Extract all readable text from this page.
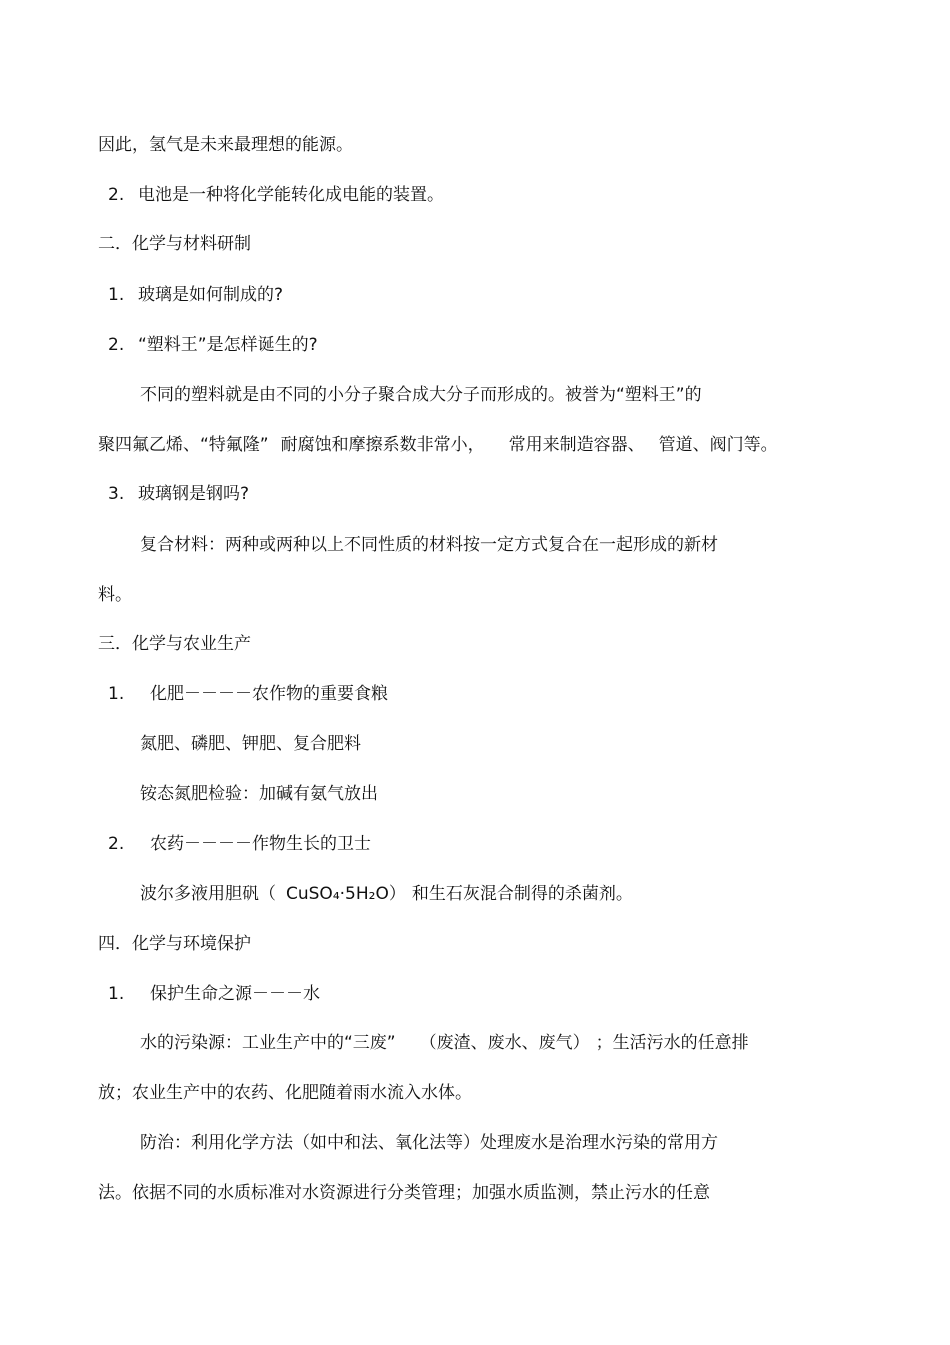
因此，氢气是未来最理想的能源。
2. 电池是一种将化学能转化成电能的装置。
二．化学与材料研制
1. 玻璃是如何制成的?
2. “塑料王”是怎样诞生的?
不同的塑料就是由不同的小分子聚合成大分子而形成的。被誉为“塑料王”的
聚四氟乙烯、“特氟隆” 耐腐蚀和摩擦系数非常小， 常用来制造容器、 管道、阀门等。
3. 玻璃钢是钢吗?
复合材料：两种或两种以上不同性质的材料按一定方式复合在一起形成的新材
料。
三．化学与农业生产
1. 化肥－－－－农作物的重要食粮
氮肥、磷肥、钾肥、复合肥料
铵态氮肥检验：加碱有氨气放出
2. 农药－－－－作物生长的卫士
波尔多液用胆矾（ CuSO₄·5H₂O） 和生石灰混合制得的杀菌剂。
四．化学与环境保护
1. 保护生命之源－－－水
水的污染源：工业生产中的“三废” （废渣、废水、废气） ；生活污水的任意排
放；农业生产中的农药、化肥随着雨水流入水体。
防治：利用化学方法（如中和法、氧化法等）处理废水是治理水污染的常用方
法。依据不同的水质标准对水资源进行分类管理；加强水质监测，禁止污水的任意
